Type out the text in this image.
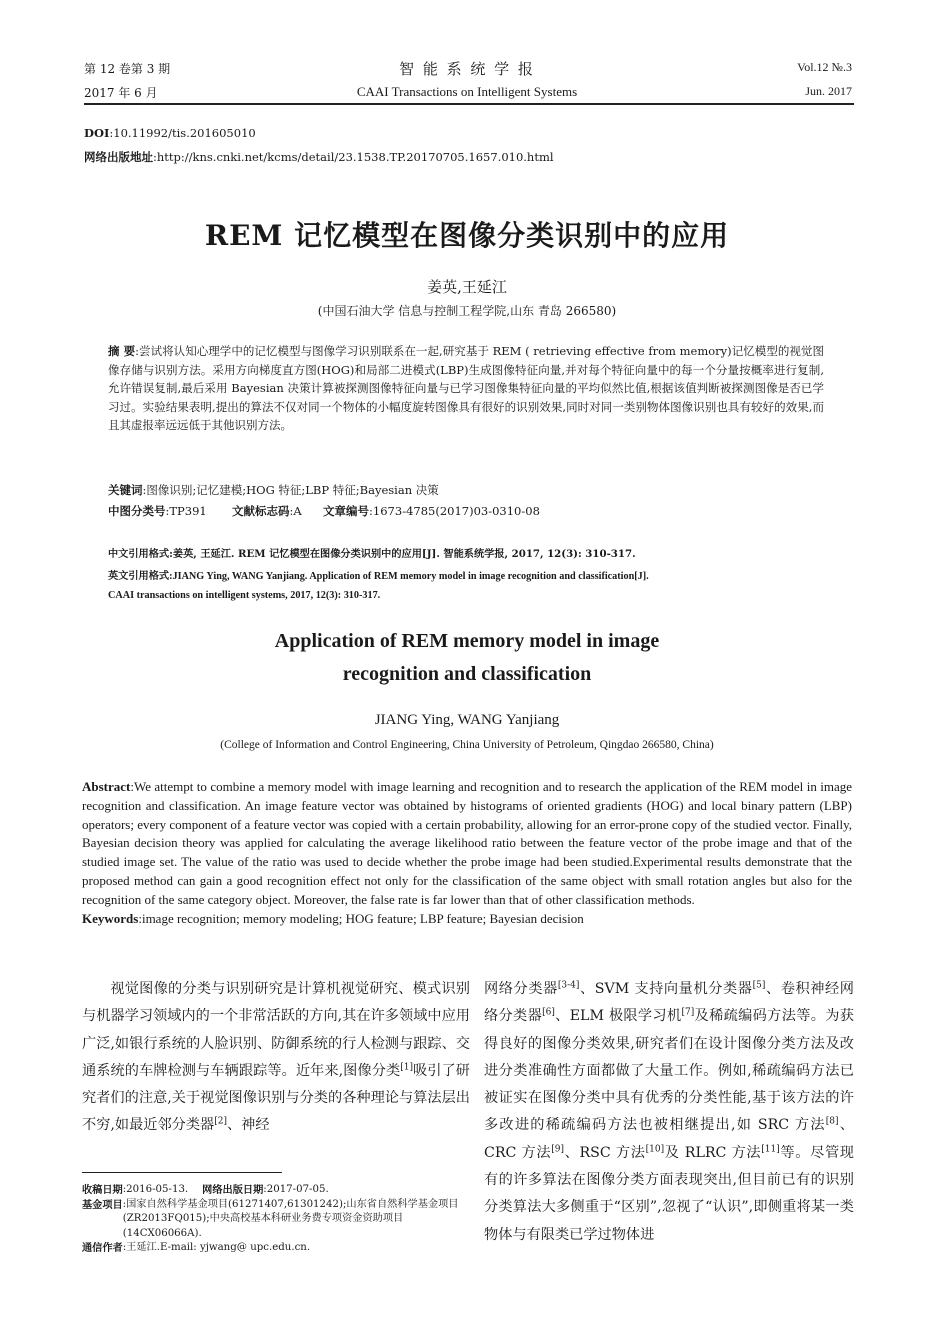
第 12 卷第 3 期
2017 年 6 月
智 能 系 统 学 报
CAAI Transactions on Intelligent Systems
Vol.12 №.3
Jun. 2017
DOI:10.11992/tis.201605010
网络出版地址:http://kns.cnki.net/kcms/detail/23.1538.TP.20170705.1657.010.html
REM 记忆模型在图像分类识别中的应用
姜英,王延江
(中国石油大学 信息与控制工程学院,山东 青岛 266580)
摘 要:尝试将认知心理学中的记忆模型与图像学习识别联系在一起,研究基于 REM ( retrieving effective from memory)记忆模型的视觉图像存储与识别方法。采用方向梯度直方图(HOG)和局部二进模式(LBP)生成图像特征向量,并对每个特征向量中的每一个分量按概率进行复制,允许错误复制,最后采用 Bayesian 决策计算被探测图像特征向量与已学习图像集特征向量的平均似然比值,根据该值判断被探测图像是否已学习过。实验结果表明,提出的算法不仅对同一个物体的小幅度旋转图像具有很好的识别效果,同时对同一类别物体图像识别也具有较好的效果,而且其虚报率远远低于其他识别方法。
关键词:图像识别;记忆建模;HOG 特征;LBP 特征;Bayesian 决策
中图分类号:TP391 文献标志码:A 文章编号:1673-4785(2017)03-0310-08
中文引用格式:姜英, 王延江. REM 记忆模型在图像分类识别中的应用[J]. 智能系统学报, 2017, 12(3): 310-317.
英文引用格式:JIANG Ying, WANG Yanjiang. Application of REM memory model in image recognition and classification[J].
CAAI transactions on intelligent systems, 2017, 12(3): 310-317.
Application of REM memory model in image
recognition and classification
JIANG Ying, WANG Yanjiang
(College of Information and Control Engineering, China University of Petroleum, Qingdao 266580, China)
Abstract:We attempt to combine a memory model with image learning and recognition and to research the application of the REM model in image recognition and classification. An image feature vector was obtained by histograms of oriented gradients (HOG) and local binary pattern (LBP) operators; every component of a feature vector was copied with a certain probability, allowing for an error-prone copy of the studied vector. Finally, Bayesian decision theory was applied for calculating the average likelihood ratio between the feature vector of the probe image and that of the studied image set. The value of the ratio was used to decide whether the probe image had been studied.Experimental results demonstrate that the proposed method can gain a good recognition effect not only for the classification of the same object with small rotation angles but also for the recognition of the same category object. Moreover, the false rate is far lower than that of other classification methods.
Keywords:image recognition; memory modeling; HOG feature; LBP feature; Bayesian decision

视觉图像的分类与识别研究是计算机视觉研究、模式识别与机器学习领域内的一个非常活跃的方向,其在许多领域中应用广泛,如银行系统的人脸识别、防御系统的行人检测与跟踪、交通系统的车牌检测与车辆跟踪等。近年来,图像分类[1]吸引了研究者们的注意,关于视觉图像识别与分类的各种理论与算法层出不穷,如最近邻分类器[2]、神经

网络分类器[3-4]、SVM 支持向量机分类器[5]、卷积神经网络分类器[6]、ELM 极限学习机[7]及稀疏编码方法等。为获得良好的图像分类效果,研究者们在设计图像分类方法及改进分类准确性方面都做了大量工作。例如,稀疏编码方法已被证实在图像分类中具有优秀的分类性能,基于该方法的许多改进的稀疏编码方法也被相继提出,如 SRC 方法[8]、CRC 方法[9]、RSC 方法[10]及 RLRC 方法[11]等。尽管现有的许多算法在图像分类方面表现突出,但目前已有的识别分类算法大多侧重于“区别”,忽视了“认识”,即侧重将某一类物体与有限类已学过物体进

收稿日期 :2016-05-13. 网络出版日期 :2017-07-05.
基金项目 :国家自然科学基金项目(61271407,61301242);山东省自然科学基金项目(ZR2013FQ015);中央高校基本科研业务费专项资金资助项目(14CX06066A).
通信作者 :王延江.E-mail: yjwang@ upc.edu.cn.
